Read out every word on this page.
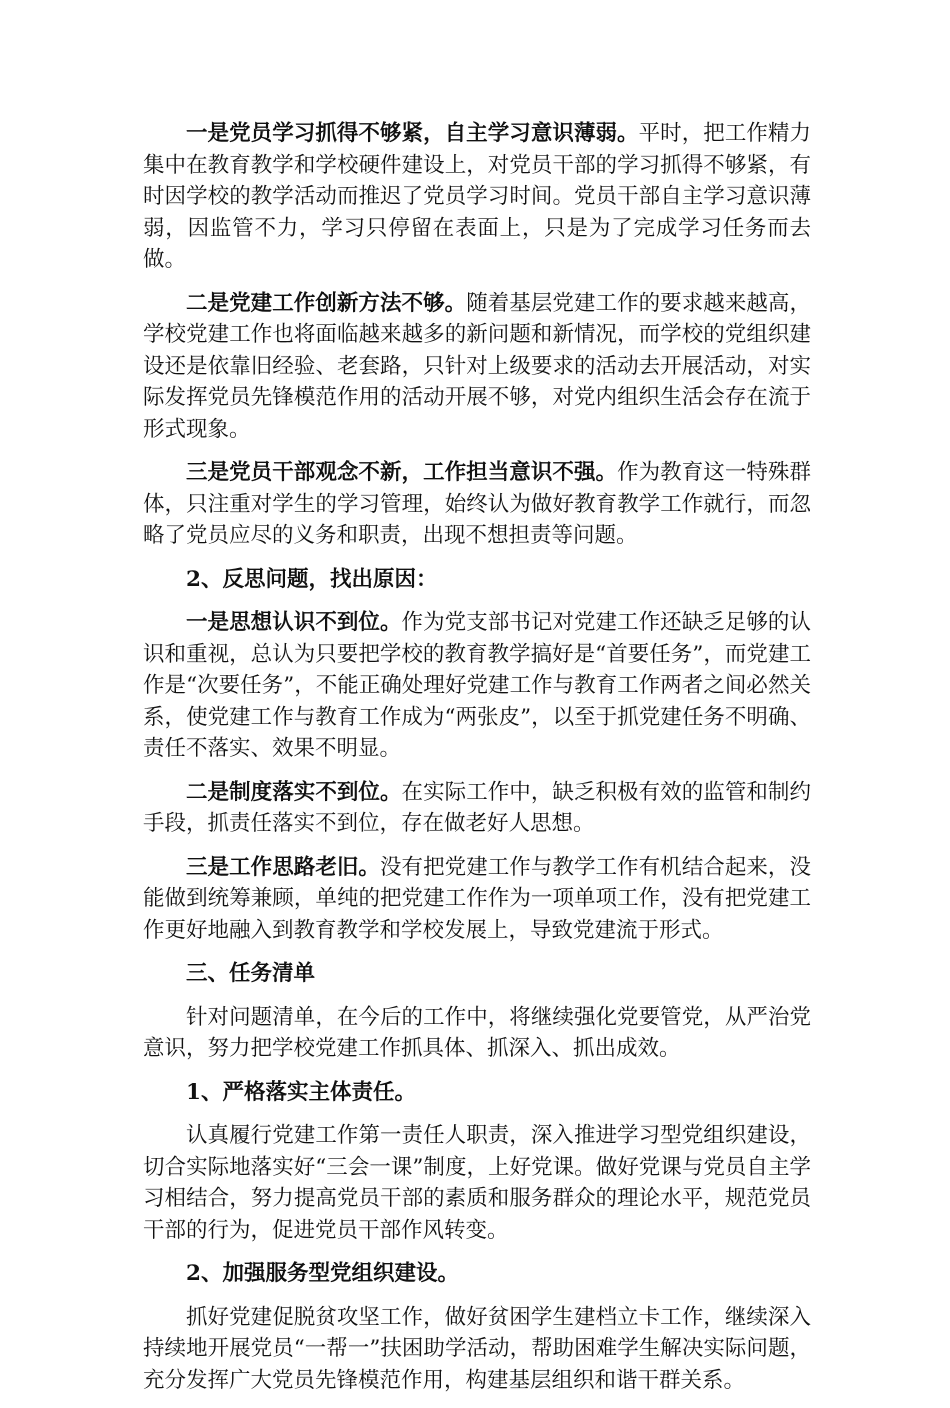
一是党员学习抓得不够紧，自主学习意识薄弱。平时，把工作精力集中在教育教学和学校硬件建设上，对党员干部的学习抓得不够紧，有时因学校的教学活动而推迟了党员学习时间。党员干部自主学习意识薄弱，因监管不力，学习只停留在表面上，只是为了完成学习任务而去做。

二是党建工作创新方法不够。随着基层党建工作的要求越来越高，学校党建工作也将面临越来越多的新问题和新情况，而学校的党组织建设还是依靠旧经验、老套路，只针对上级要求的活动去开展活动，对实际发挥党员先锋模范作用的活动开展不够，对党内组织生活会存在流于形式现象。

三是党员干部观念不新，工作担当意识不强。作为教育这一特殊群体，只注重对学生的学习管理，始终认为做好教育教学工作就行，而忽略了党员应尽的义务和职责，出现不想担责等问题。

2、反思问题，找出原因：

一是思想认识不到位。作为党支部书记对党建工作还缺乏足够的认识和重视，总认为只要把学校的教育教学搞好是“首要任务”，而党建工作是“次要任务”，不能正确处理好党建工作与教育工作两者之间必然关系，使党建工作与教育工作成为“两张皮”，以至于抓党建任务不明确、责任不落实、效果不明显。

二是制度落实不到位。在实际工作中，缺乏积极有效的监管和制约手段，抓责任落实不到位，存在做老好人思想。

三是工作思路老旧。没有把党建工作与教学工作有机结合起来，没能做到统筹兼顾，单纯的把党建工作作为一项单项工作，没有把党建工作更好地融入到教育教学和学校发展上，导致党建流于形式。

三、任务清单

针对问题清单，在今后的工作中，将继续强化党要管党，从严治党意识，努力把学校党建工作抓具体、抓深入、抓出成效。

1、严格落实主体责任。

认真履行党建工作第一责任人职责，深入推进学习型党组织建设，切合实际地落实好“三会一课”制度，上好党课。做好党课与党员自主学习相结合，努力提高党员干部的素质和服务群众的理论水平，规范党员干部的行为，促进党员干部作风转变。

2、加强服务型党组织建设。

抓好党建促脱贫攻坚工作，做好贫困学生建档立卡工作，继续深入持续地开展党员“一帮一”扶困助学活动，帮助困难学生解决实际问题，充分发挥广大党员先锋模范作用，构建基层组织和谐干群关系。
